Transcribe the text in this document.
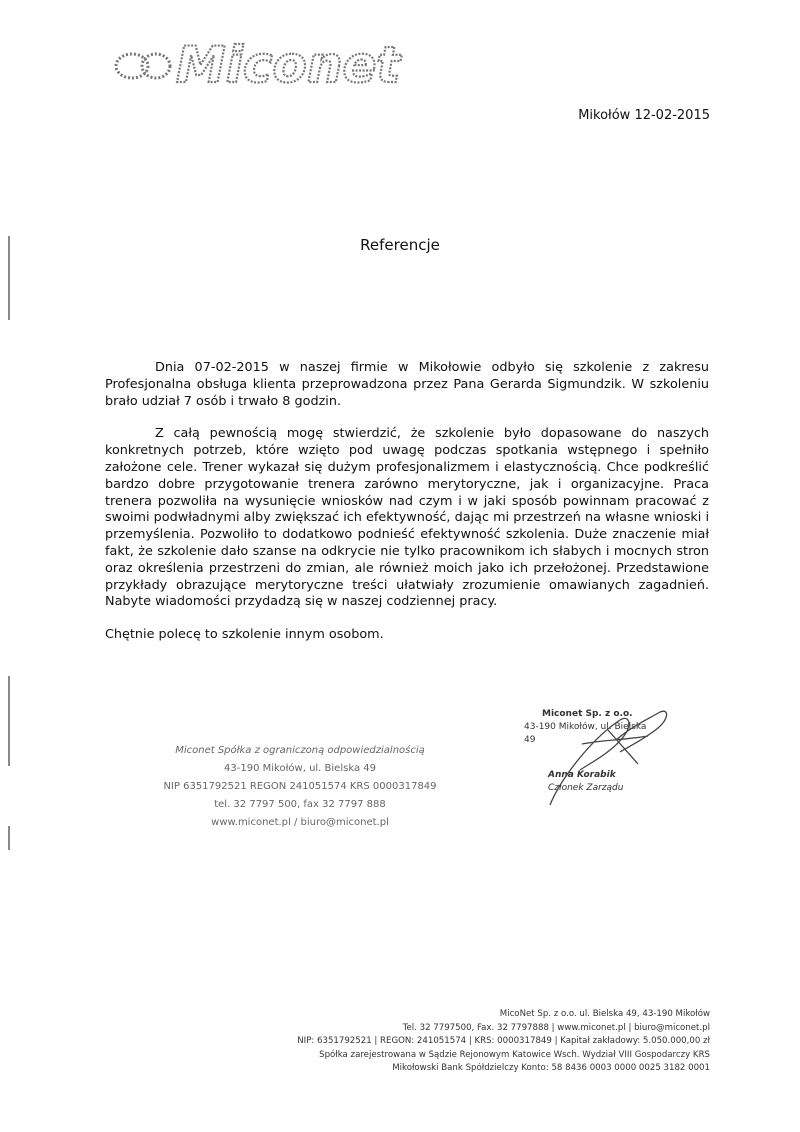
Miconet
Mikołów 12-02-2015
Referencje

Dnia 07-02-2015 w naszej firmie w Mikołowie odbyło się szkolenie z zakresu Profesjonalna obsługa klienta przeprowadzona przez Pana Gerarda Sigmundzik. W szkoleniu brało udział 7 osób i trwało 8 godzin.

Z całą pewnością mogę stwierdzić, że szkolenie było dopasowane do naszych konkretnych potrzeb, które wzięto pod uwagę podczas spotkania wstępnego i spełniło założone cele. Trener wykazał się dużym profesjonalizmem i elastycznością. Chce podkreślić bardzo dobre przygotowanie trenera zarówno merytoryczne, jak i organizacyjne. Praca trenera pozwoliła na wysunięcie wniosków nad czym i w jaki sposób powinnam pracować z swoimi podwładnymi alby zwiększać ich efektywność, dając mi przestrzeń na własne wnioski i przemyślenia. Pozwoliło to dodatkowo podnieść efektywność szkolenia. Duże znaczenie miał fakt, że szkolenie dało szanse na odkrycie nie tylko pracownikom ich słabych i mocnych stron oraz określenia przestrzeni do zmian, ale również moich jako ich przełożonej. Przedstawione przykłady obrazujące merytoryczne treści ułatwiały zrozumienie omawianych zagadnień. Nabyte wiadomości przydadzą się w naszej codziennej pracy.

Chętnie polecę to szkolenie innym osobom.

Miconet Spółka z ograniczoną odpowiedzialnością
43-190 Mikołów, ul. Bielska 49
NIP 6351792521 REGON 241051574 KRS 0000317849
tel. 32 7797 500, fax 32 7797 888
www.miconet.pl / biuro@miconet.pl
Miconet Sp. z o.o.
43-190 Mikołów, ul. Bielska 49
Anna Korabik
Członek Zarządu
MicoNet Sp. z o.o. ul. Bielska 49, 43-190 Mikołów
Tel. 32 7797500, Fax. 32 7797888 | www.miconet.pl | biuro@miconet.pl
NIP: 6351792521 | REGON: 241051574 | KRS: 0000317849 | Kapitał zakładowy: 5.050.000,00 zł
Spółka zarejestrowana w Sądzie Rejonowym Katowice Wsch. Wydział VIII Gospodarczy KRS
Mikołowski Bank Spółdzielczy Konto: 58 8436 0003 0000 0025 3182 0001
